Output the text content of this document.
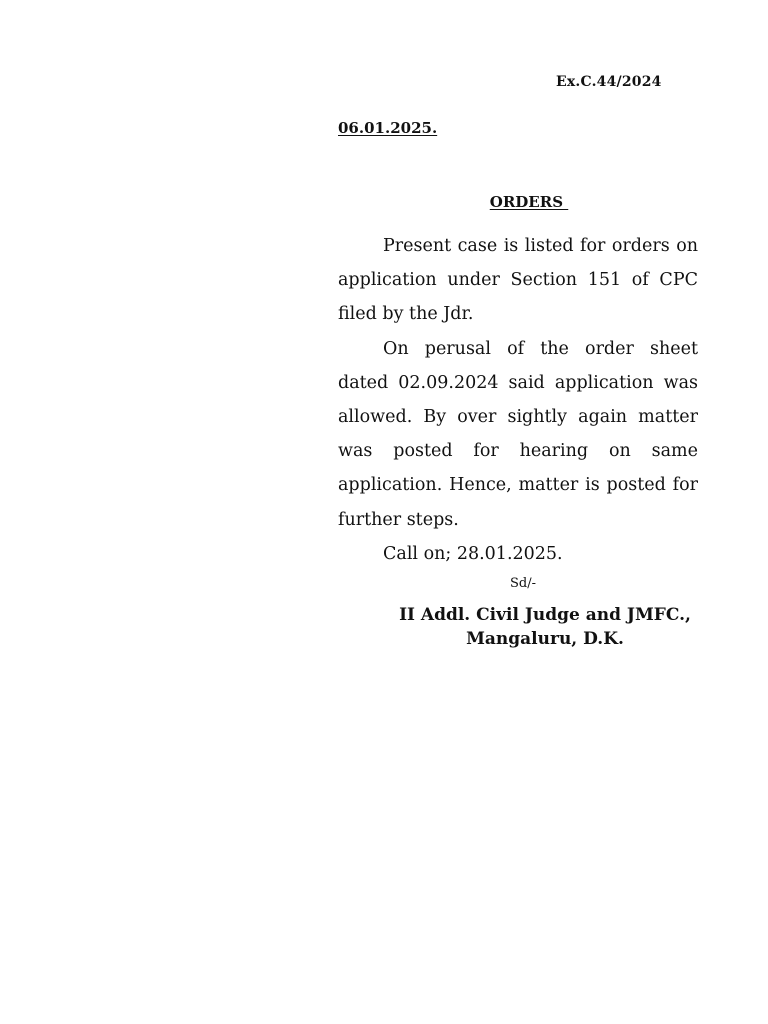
Ex.C.44/2024
06.01.2025.
ORDERS

Present case is listed for orders on application under Section 151 of CPC filed by the Jdr.

On perusal of the order sheet dated 02.09.2024 said application was allowed. By over sightly again matter was posted for hearing on same application. Hence, matter is posted for further steps.

Call on; 28.01.2025.

Sd/-
II Addl. Civil Judge and JMFC.,
Mangaluru, D.K.
